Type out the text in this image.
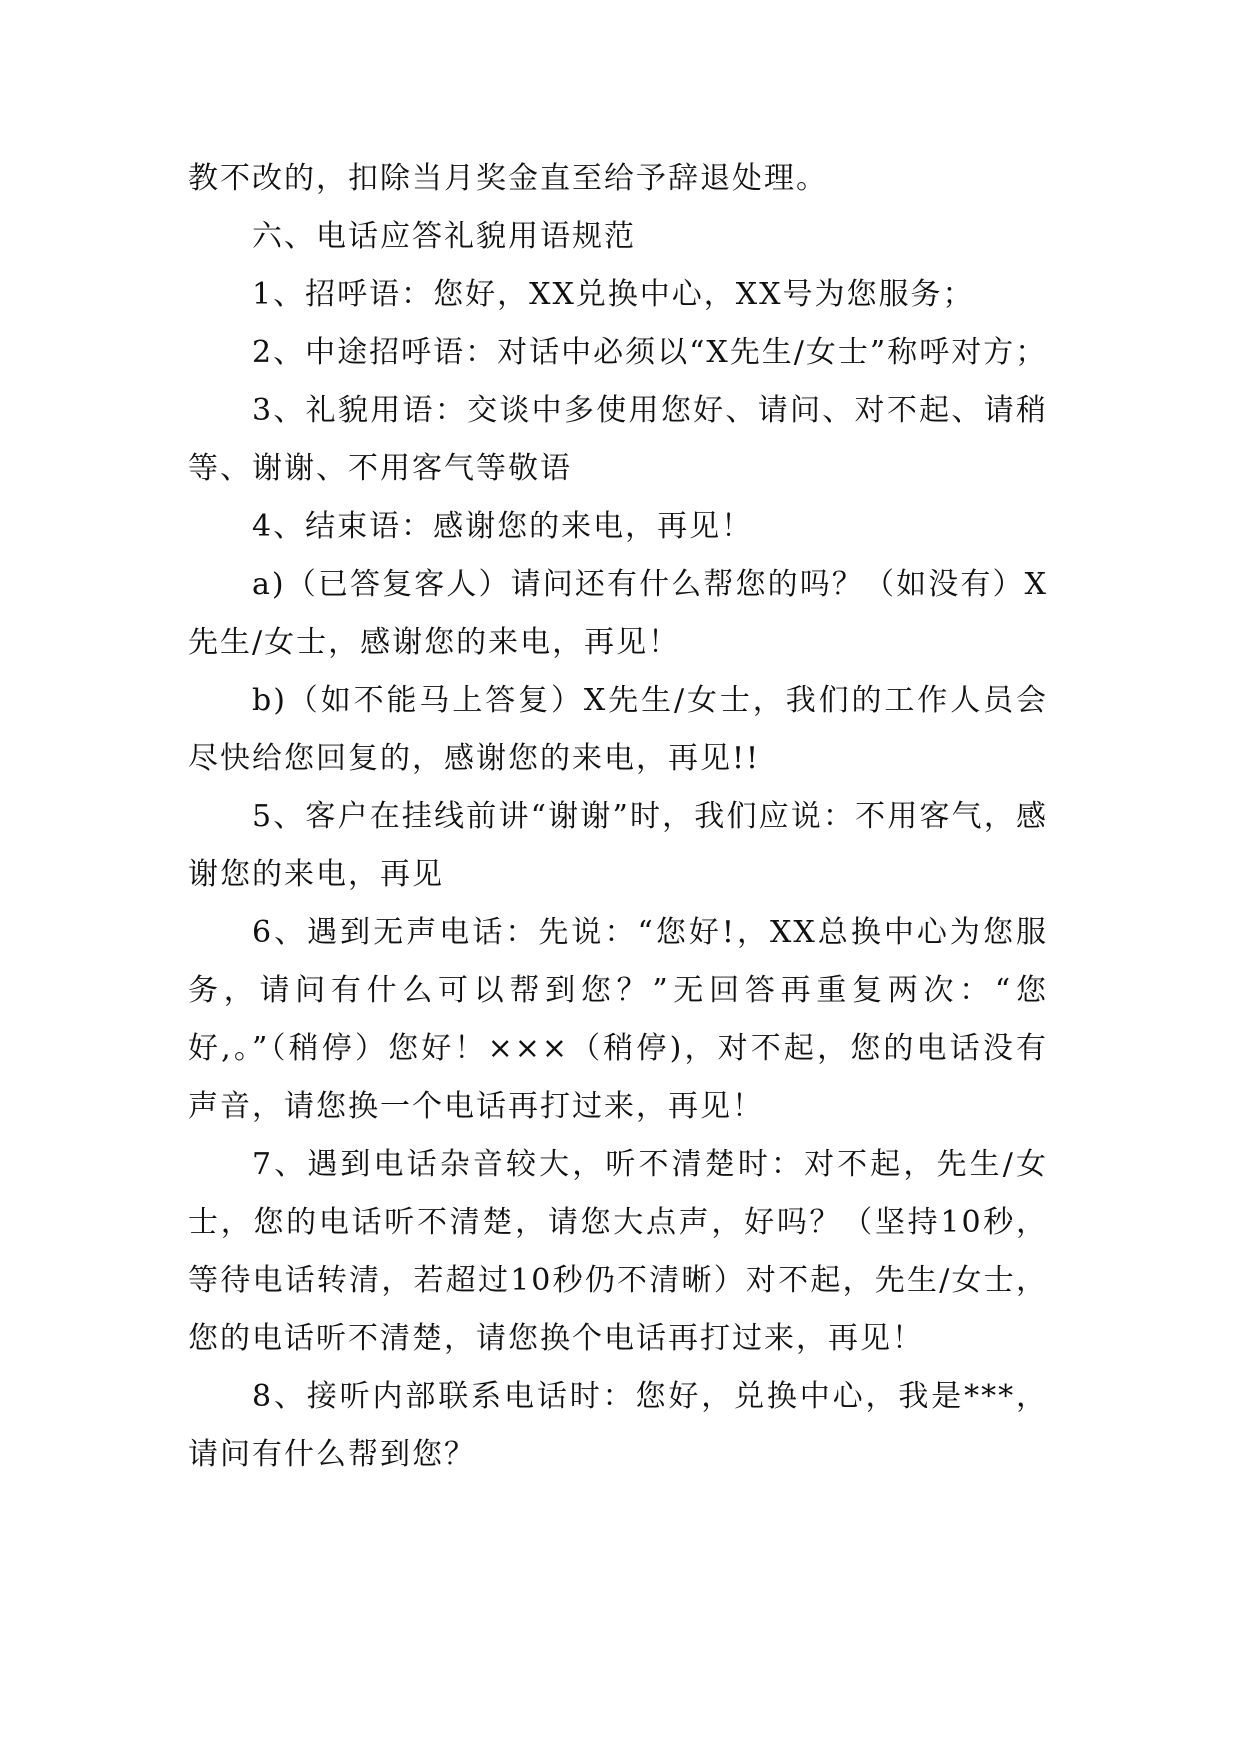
教不改的，扣除当月奖金直至给予辞退处理。

六、电话应答礼貌用语规范

1、招呼语：您好，XX兑换中心，XX号为您服务；

2、中途招呼语：对话中必须以“X先生/女士”称呼对方；

3、礼貌用语：交谈中多使用您好、请问、对不起、请稍等、谢谢、不用客气等敬语

4、结束语：感谢您的来电，再见！

a)（已答复客人）请问还有什么帮您的吗？（如没有）X先生/女士，感谢您的来电，再见！

b)（如不能马上答复）X先生/女士，我们的工作人员会尽快给您回复的，感谢您的来电，再见!!

5、客户在挂线前讲“谢谢”时，我们应说：不用客气，感谢您的来电，再见

6、遇到无声电话：先说：“您好!，XX总换中心为您服务，请问有什么可以帮到您？”无回答再重复两次：“您好,。”（稍停）您好！×××（稍停)，对不起，您的电话没有声音，请您换一个电话再打过来，再见！

7、遇到电话杂音较大，听不清楚时：对不起，先生/女士，您的电话听不清楚，请您大点声，好吗？（坚持10秒，等待电话转清，若超过10秒仍不清晰）对不起，先生/女士，您的电话听不清楚，请您换个电话再打过来，再见！

8、接听内部联系电话时：您好，兑换中心，我是***，请问有什么帮到您？
